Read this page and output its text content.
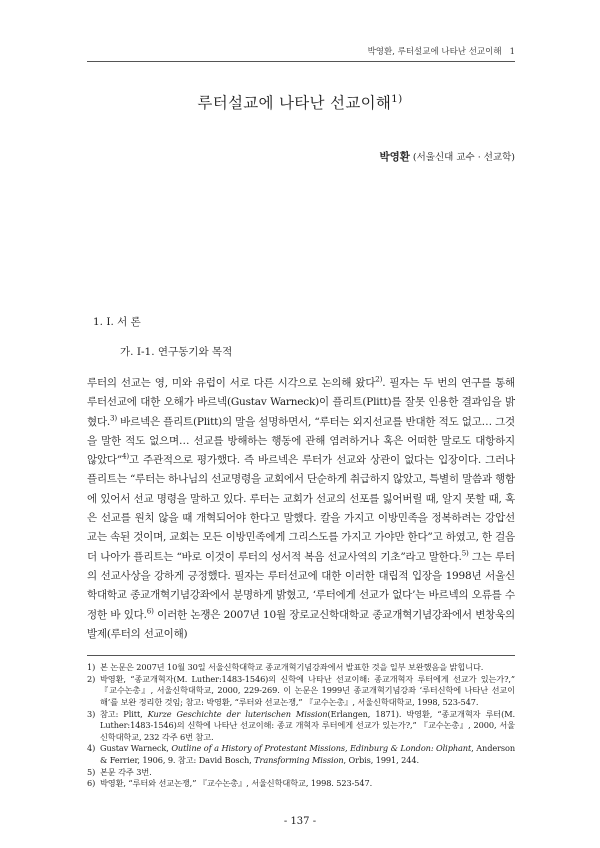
박영환, 루터설교에 나타난 선교이해 1
루터설교에 나타난 선교이해$^{1)}$
박영환 (서울신대 교수 · 선교학)
1. I. 서 론
가. I-1. 연구동기와 목적

루터의 선교는 영, 미와 유럽이 서로 다른 시각으로 논의해 왔다$^{2)}$. 필자는 두 번의 연구를 통해 루터선교에 대한 오해가 바르넥(Gustav Warneck)이 플리트(Plitt)를 잘못 인용한 결과임을 밝혔다.$^{3)}$ 바르넥은 플리트(Plitt)의 말을 설명하면서, “루터는 외지선교를 반대한 적도 없고… 그것을 말한 적도 없으며… 선교를 방해하는 행동에 관해 염려하거나 혹은 어떠한 말로도 대항하지 않았다”$^{4)}$고 주관적으로 평가했다. 즉 바르넥은 루터가 선교와 상관이 없다는 입장이다. 그러나 플리트는 “루터는 하나님의 선교명령을 교회에서 단순하게 취급하지 않았고, 특별히 말씀과 행함에 있어서 선교 명령을 말하고 있다. 루터는 교회가 선교의 선포를 잃어버릴 때, 알지 못할 때, 혹은 선교를 원치 않을 때 개혁되어야 한다고 말했다. 칼을 가지고 이방민족을 정복하려는 강압선교는 속된 것이며, 교회는 모든 이방민족에게 그리스도를 가지고 가야만 한다”고 하였고, 한 걸음 더 나아가 플리트는 “바로 이것이 루터의 성서적 복음 선교사역의 기초”라고 말한다.$^{5)}$ 그는 루터의 선교사상을 강하게 긍정했다. 필자는 루터선교에 대한 이러한 대립적 입장을 1998년 서울신학대학교 종교개혁기념강좌에서 분명하게 밝혔고, ‘루터에게 선교가 없다’는 바르넥의 오류를 수정한 바 있다.$^{6)}$ 이러한 논쟁은 2007년 10월 장로교신학대학교 종교개혁기념강좌에서 변창욱의 발제(루터의 선교이해)

1) 본 논문은 2007년 10월 30일 서울신학대학교 종교개혁기념강좌에서 발표한 것을 일부 보완했음을 밝힙니다.
2) 박영환, “종교개혁자(M. Luther:1483-1546)의 신학에 나타난 선교이해: 종교개혁자 루터에게 선교가 있는가?,” 『교수논총』, 서울신학대학교, 2000, 229-269. 이 논문은 1999년 종교개혁기념강좌 ‘루터신학에 나타난 선교이해’를 보완 정리한 것임; 참고: 박영환, “루터와 선교논쟁,” 『교수논총』, 서울신학대학교, 1998, 523-547.
3) 참고: Plitt, Kurze Geschichte der luterischen Mission(Erlangen, 1871). 박영환, “종교개혁자 루터(M. Luther:1483-1546)의 신학에 나타난 선교이해: 종교 개혁자 루터에게 선교가 있는가?,” 『교수논총』, 2000, 서울신학대학교, 232 각주 6번 참고.
4) Gustav Warneck, Outline of a History of Protestant Missions, Edinburg & London: Oliphant, Anderson & Ferrier, 1906, 9. 참고: David Bosch, Transforming Mission, Orbis, 1991, 244.
5) 본문 각주 3번.
6) 박영환, “루터와 선교논쟁,” 『교수논총』, 서울신학대학교, 1998. 523-547.
- 137 -
